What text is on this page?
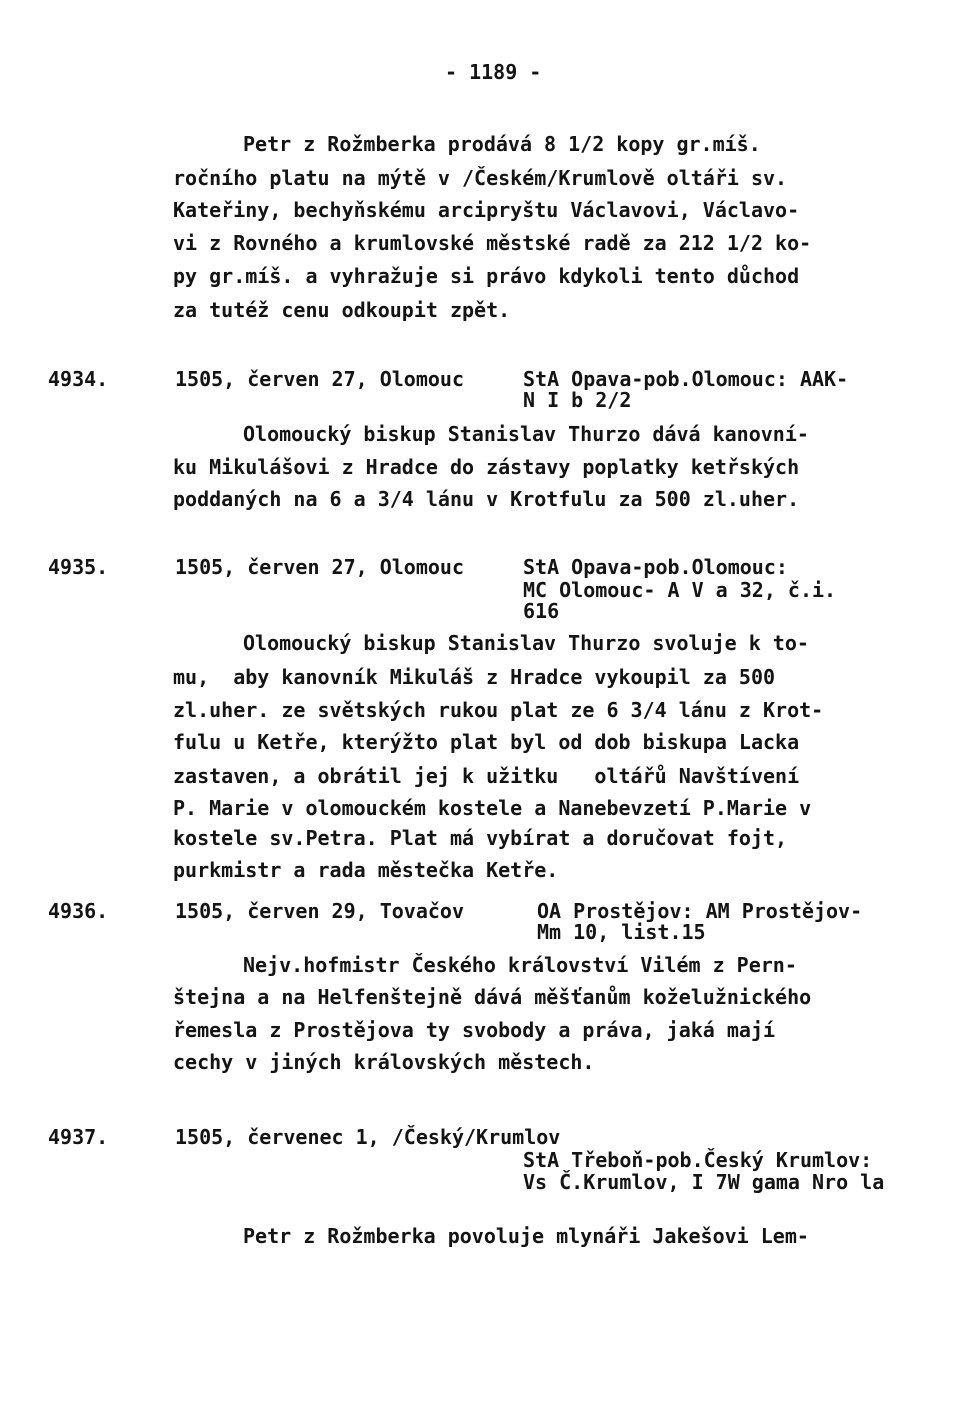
- 1189 -
Petr z Rožmberka prodává 8 1/2 kopy gr.míš.
ročního platu na mýtě v /Českém/Krumlově oltáři sv.
Kateřiny, bechyňskému arcipryštu Václavovi, Václavo-
vi z Rovného a krumlovské městské radě za 212 1/2 ko-
py gr.míš. a vyhražuje si právo kdykoli tento důchod
za tutéž cenu odkoupit zpět.
4934.	1505, červen 27, Olomouc	StA Opava-pob.Olomouc: AAK-
N I b 2/2
Olomoucký biskup Stanislav Thurzo dává kanovní-
ku Mikulášovi z Hradce do zástavy poplatky ketřských
poddaných na 6 a 3/4 lánu v Krotfulu za 500 zl.uher.
4935.	1505, červen 27, Olomouc	StA Opava-pob.Olomouc:
MC Olomouc- A V a 32, č.i.
616
Olomoucký biskup Stanislav Thurzo svoluje k to-
mu,  aby kanovník Mikuláš z Hradce vykoupil za 500
zl.uher. ze světských rukou plat ze 6 3/4 lánu z Krot-
fulu u Ketře, kterýžto plat byl od dob biskupa Lacka
zastaven, a obrátil jej k užitku   oltářů Navštívení
P. Marie v olomouckém kostele a Nanebevzetí P.Marie v
kostele sv.Petra. Plat má vybírat a doručovat fojt,
purkmistr a rada městečka Ketře.
4936.	1505, červen 29, Tovačov	OA Prostějov: AM Prostějov-
Mm 10, list.15
Nejv.hofmistr Českého království Vilém z Pern-
štejna a na Helfenštejně dává měšťanům koželužnického
řemesla z Prostějova ty svobody a práva, jaká mají
cechy v jiných královských městech.
4937.	1505, červenec 1, /Český/Krumlov
StA Třeboň-pob.Český Krumlov:
Vs Č.Krumlov, I 7W gama Nro la
Petr z Rožmberka povoluje mlynáři Jakešovi Lem-
